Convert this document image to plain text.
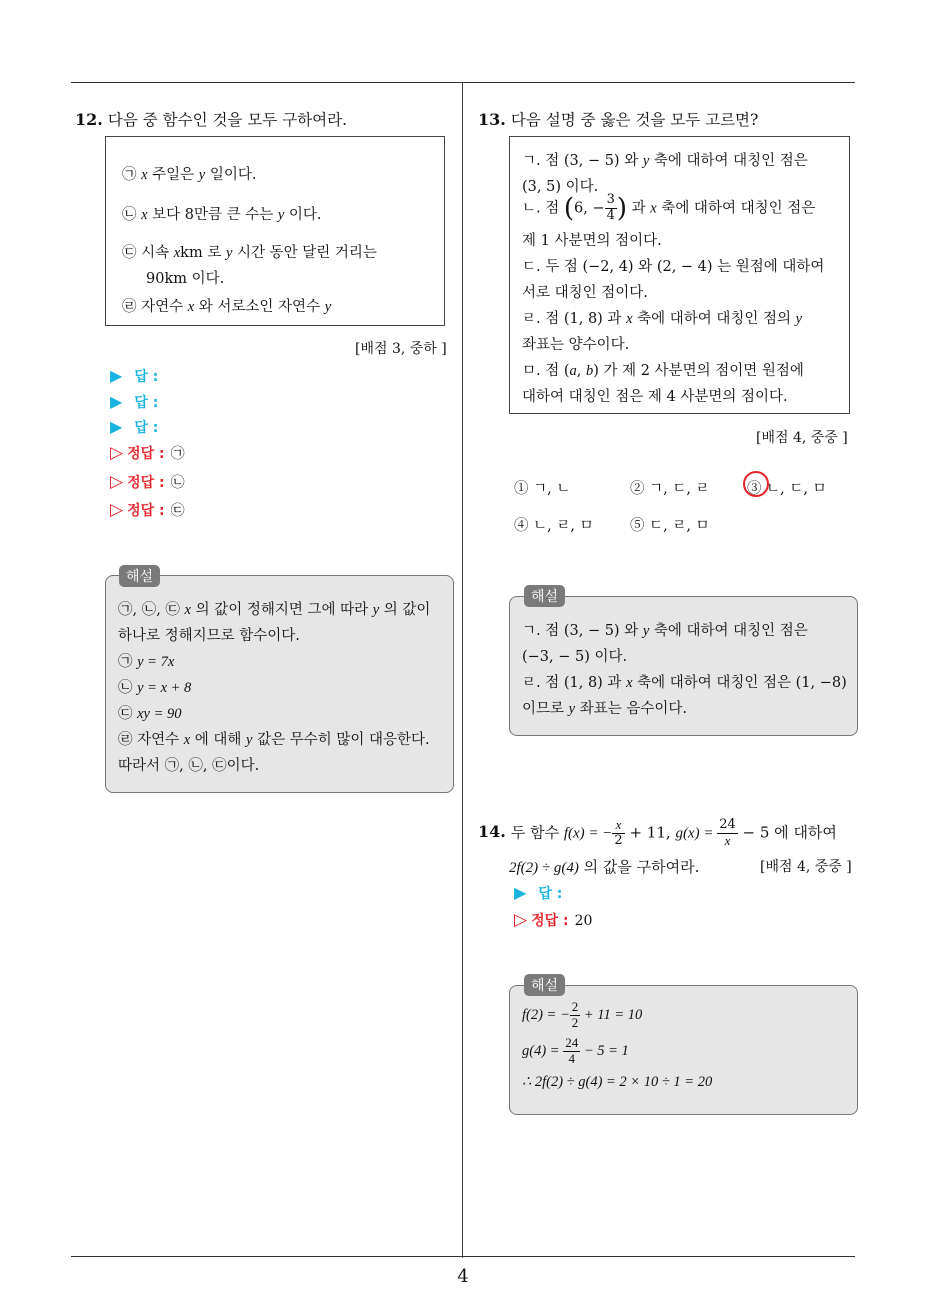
12. 다음 중 함수인 것을 모두 구하여라.

㉠ x 주일은 y 일이다.
㉡ x 보다 8만큼 큰 수는 y 이다.
㉢ 시속 xkm 로 y 시간 동안 달린 거리는
90km 이다.
㉣ 자연수 x 와 서로소인 자연수 y
[배점 3, 중하 ]
▶ 답 :
▶ 답 :
▶ 답 :
▷ 정답 : ㉠
▷ 정답 : ㉡
▷ 정답 : ㉢
㉠, ㉡, ㉢ x 의 값이 정해지면 그에 따라 y 의 값이
하나로 정해지므로 함수이다.
㉠ y = 7x
㉡ y = x + 8
㉢ xy = 90
㉣ 자연수 x 에 대해 y 값은 무수히 많이 대응한다.
따라서 ㉠, ㉡, ㉢이다.
해설

13. 다음 설명 중 옳은 것을 모두 고르면?

ㄱ. 점 (3, − 5) 와 y 축에 대하여 대칭인 점은
(3, 5) 이다.
ㄴ. 점 (6, − $\frac{3}{4}$ ) 과 x 축에 대하여 대칭인 점은
제 1 사분면의 점이다.
ㄷ. 두 점 (−2, 4) 와 (2, − 4) 는 원점에 대하여
서로 대칭인 점이다.
ㄹ. 점 (1, 8) 과 x 축에 대하여 대칭인 점의 y
좌표는 양수이다.
ㅁ. 점 (a, b) 가 제 2 사분면의 점이면 원점에
대하여 대칭인 점은 제 4 사분면의 점이다.
[배점 4, 중중 ]
① ㄱ, ㄴ	② ㄱ, ㄷ, ㄹ	③ ㄴ, ㄷ, ㅁ
④ ㄴ, ㄹ, ㅁ	⑤ ㄷ, ㄹ, ㅁ
ㄱ. 점 (3, − 5) 와 y 축에 대하여 대칭인 점은
(−3, − 5) 이다.
ㄹ. 점 (1, 8) 과 x 축에 대하여 대칭인 점은 (1, −8)
이므로 y 좌표는 음수이다.
해설
14. 두 함수 f(x) = − $\frac{x}{2} + 11$, $g(x) = \frac{24}{x} - 5$ 에 대하여
2f(2) ÷ g(4) 의 값을 구하여라.	[배점 4, 중중 ]
▶ 답 :
▷ 정답 : 20
f(2) = − $\frac{2}{2} + 11 = 10$
$g(4) = \frac{24}{4} - 5 = 1$
∴ 2f(2) ÷ g(4) = 2 × 10 ÷ 1 = 20
해설
4
